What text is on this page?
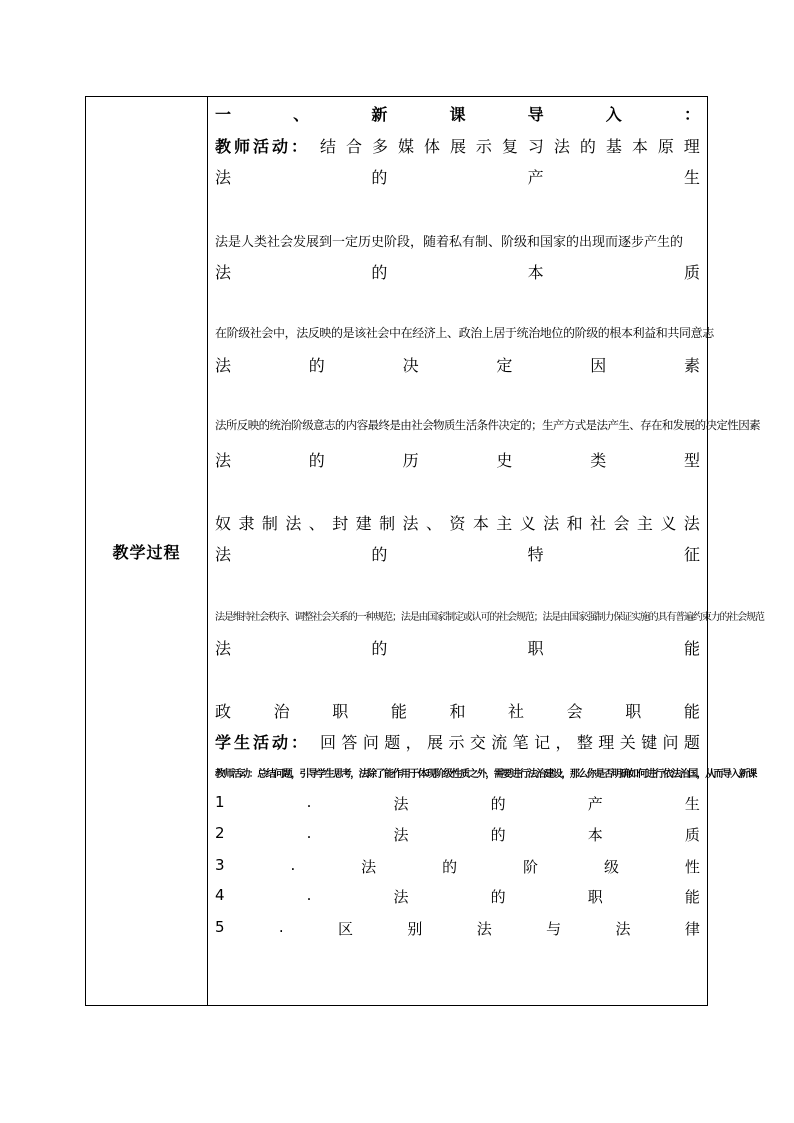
教学过程
一	、	新	课	导	入	：
教师活动： 结 合 多 媒 体 展 示 复 习 法 的 基 本 原 理
法	的	产	生
法	的	本	质
法	的	决	定	因	素
法	的	历	史	类	型
法	的	特	征
法	的	职	能
法是人类社会发展到一定历史阶段，随着私有制、阶级和国家的出现而逐步产生的
在阶级社会中，法反映的是该社会中在经济上、政治上居于统治地位的阶级的根本利益和共同意志
法所反映的统治阶级意志的内容最终是由社会物质生活条件决定的；生产方式是法产生、存在和发展的决定性因素
奴 隶 制 法 、 封 建 制 法 、 资 本 主 义 法 和 社 会 主 义 法
法是维持社会秩序、调整社会关系的一种规范；法是由国家制定或认可的社会规范；法是由国家强制力保证实施的具有普遍约束力的社会规范
政	治	职	能	和	社	会	职	能
学生活动： 回 答 问 题 ， 展 示 交 流 笔 记 ， 整 理 关 键 问 题
教师活动：总结问题，引导学生思考，法除了能作用于体现阶级性质之外，需要进行法治建设，那么你是否明确如何进行依法治国，从而导入新课
1	.	法	的	产	生
2	.	法	的	本	质
3	.	法	的	阶	级	性
4	.	法	的	职	能
5	.	区	别	法	与	法	律
